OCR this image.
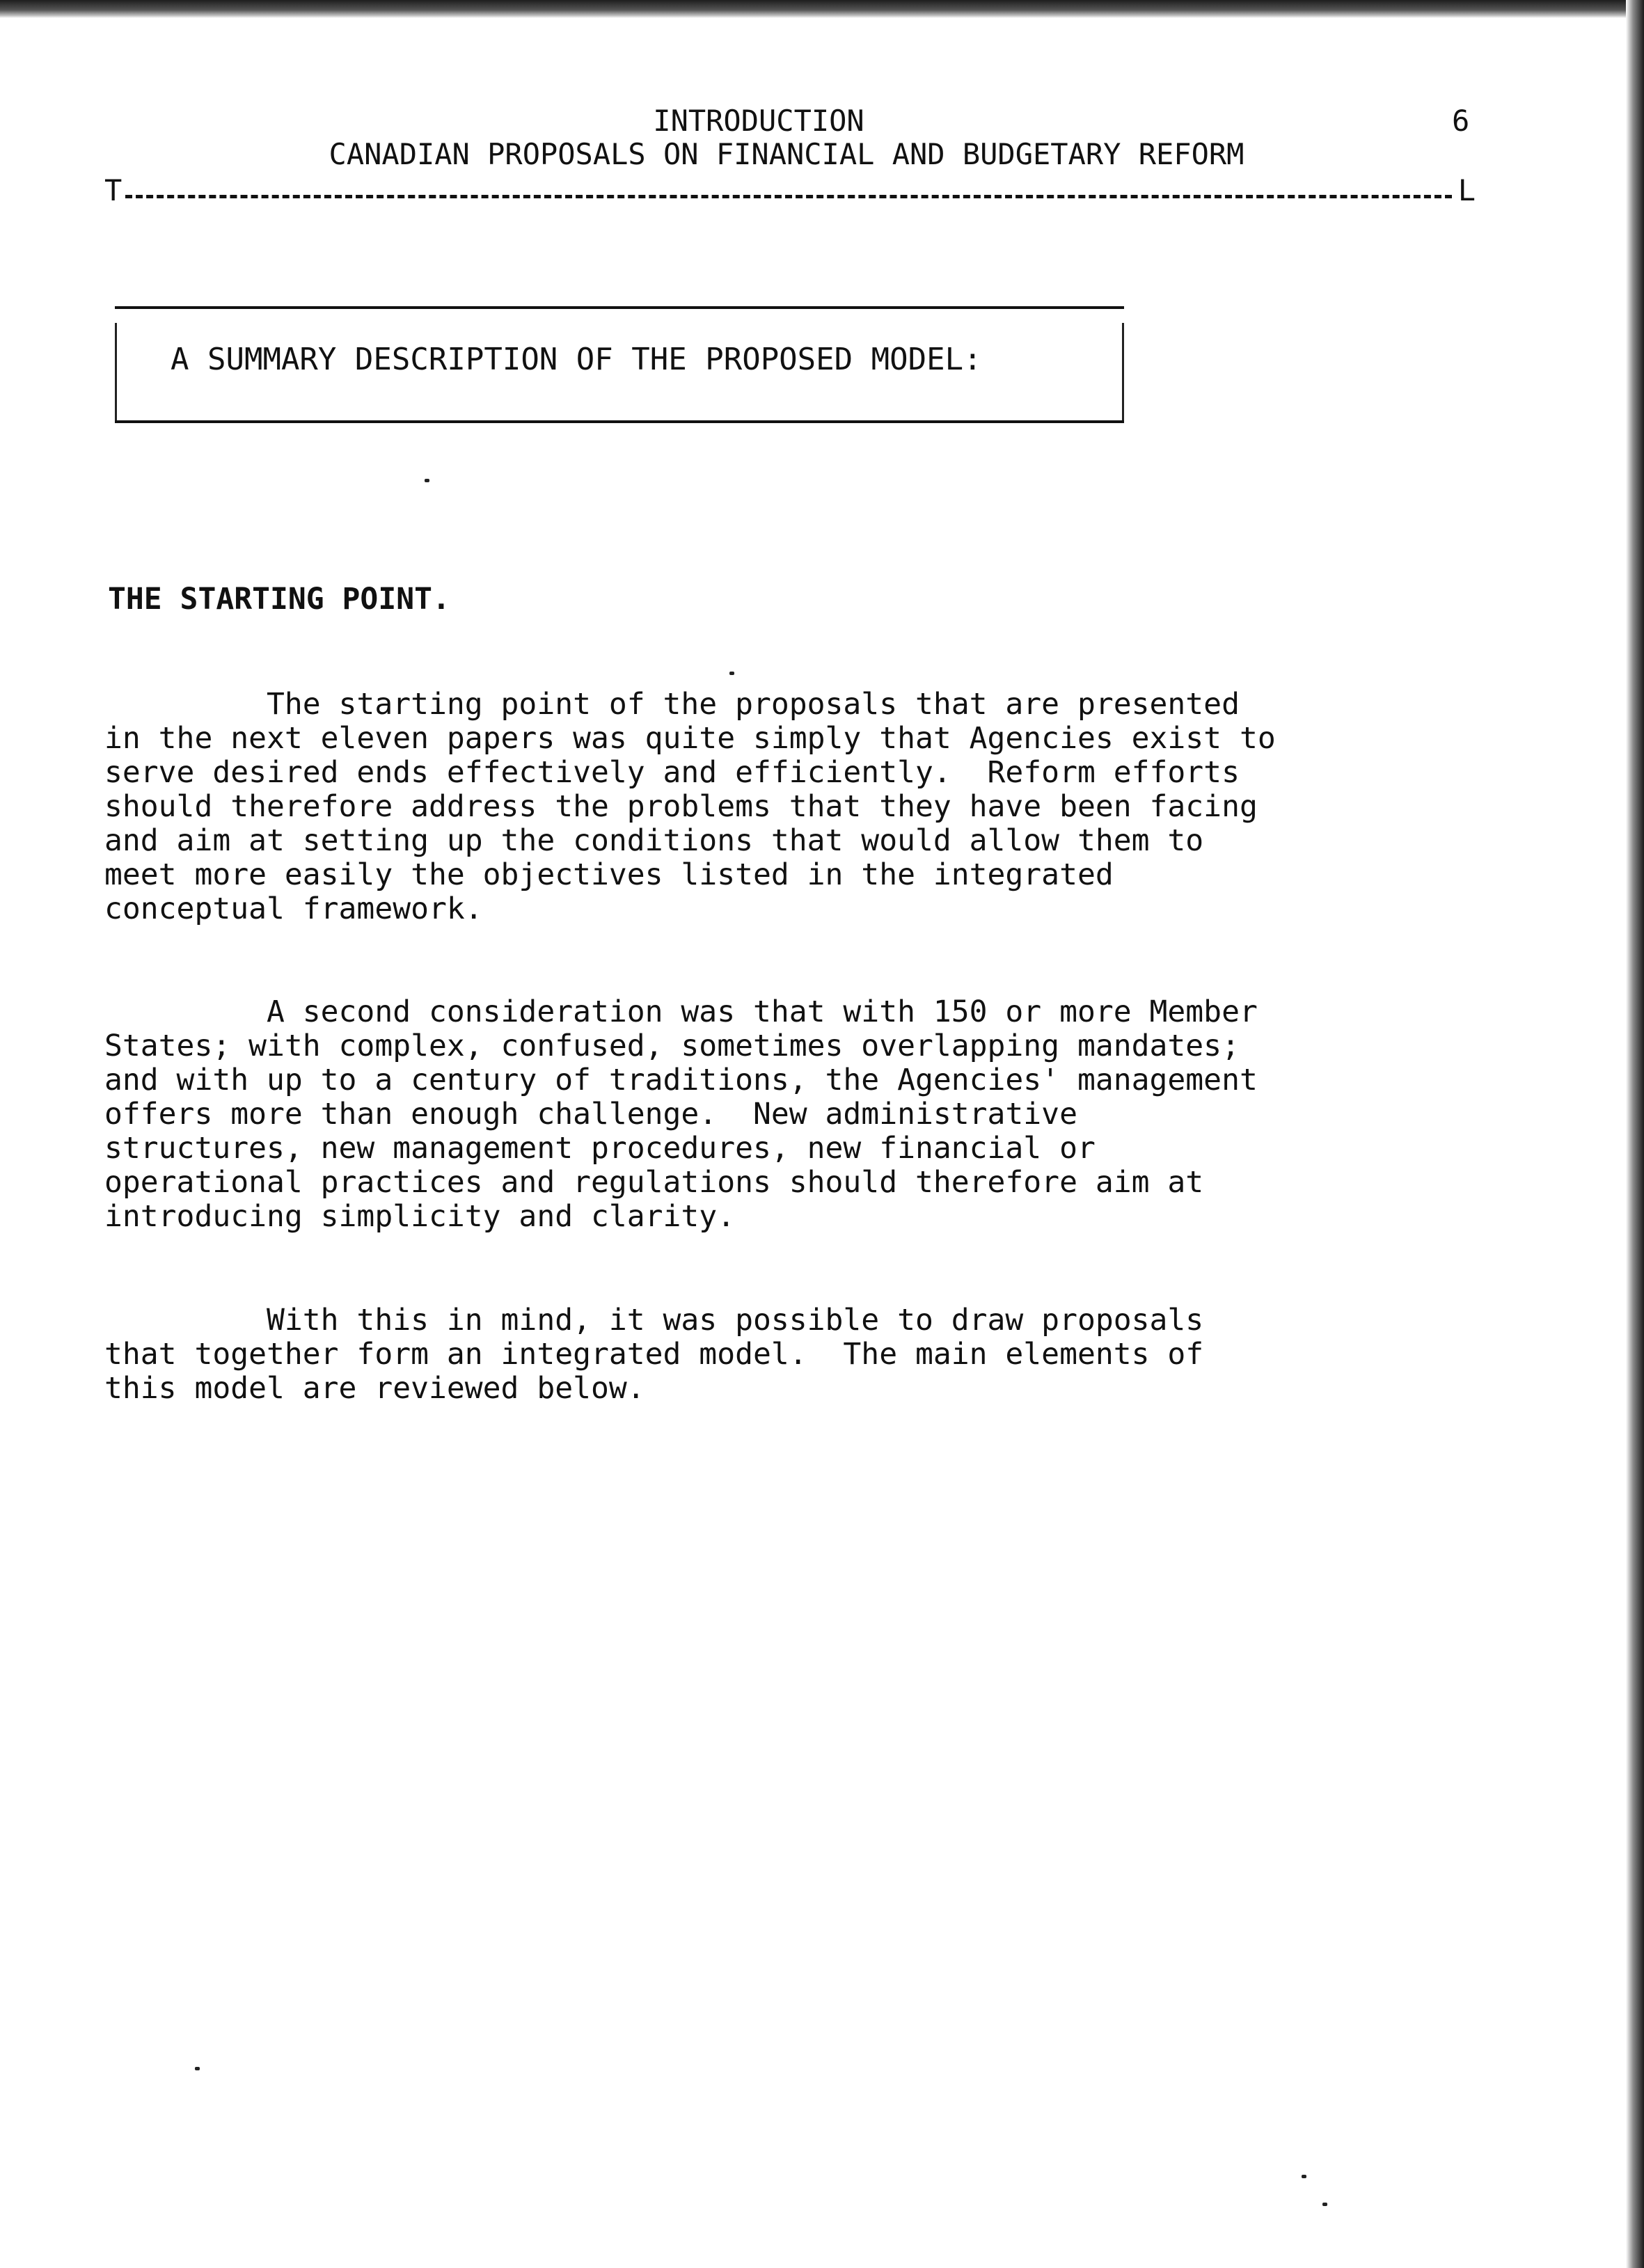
INTRODUCTION
CANADIAN PROPOSALS ON FINANCIAL AND BUDGETARY REFORM
6
T	L
A SUMMARY DESCRIPTION OF THE PROPOSED MODEL:
THE STARTING POINT.
The starting point of the proposals that are presented
in the next eleven papers was quite simply that Agencies exist to
serve desired ends effectively and efficiently.  Reform efforts
should therefore address the problems that they have been facing
and aim at setting up the conditions that would allow them to
meet more easily the objectives listed in the integrated
conceptual framework.
A second consideration was that with 150 or more Member
States; with complex, confused, sometimes overlapping mandates;
and with up to a century of traditions, the Agencies' management
offers more than enough challenge.  New administrative
structures, new management procedures, new financial or
operational practices and regulations should therefore aim at
introducing simplicity and clarity.
With this in mind, it was possible to draw proposals
that together form an integrated model.  The main elements of
this model are reviewed below.
